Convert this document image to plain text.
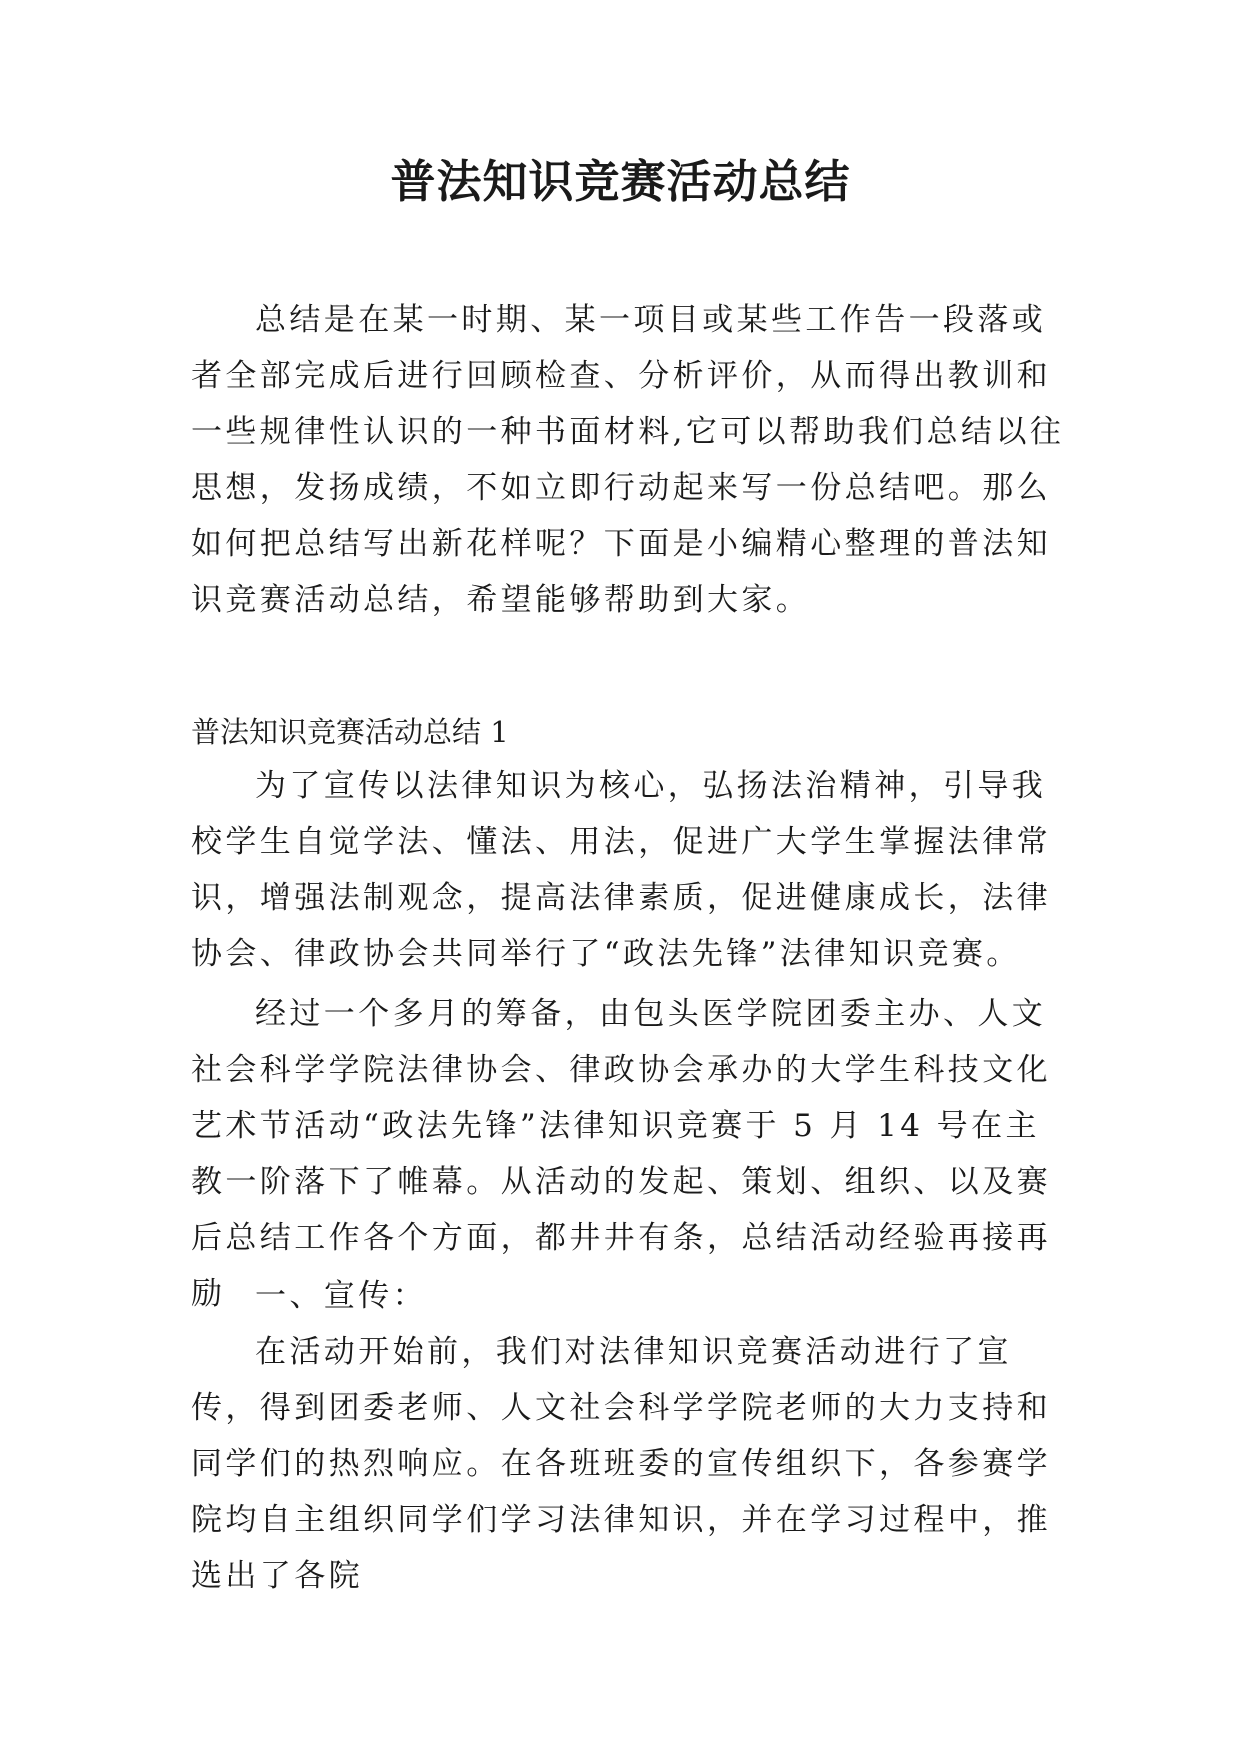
普法知识竞赛活动总结

总结是在某一时期、某一项目或某些工作告一段落或者全部完成后进行回顾检查、分析评价，从而得出教训和一些规律性认识的一种书面材料,它可以帮助我们总结以往思想，发扬成绩，不如立即行动起来写一份总结吧。那么如何把总结写出新花样呢？下面是小编精心整理的普法知识竞赛活动总结，希望能够帮助到大家。

普法知识竞赛活动总结 1

为了宣传以法律知识为核心，弘扬法治精神，引导我校学生自觉学法、懂法、用法，促进广大学生掌握法律常识，增强法制观念，提高法律素质，促进健康成长，法律协会、律政协会共同举行了“政法先锋”法律知识竞赛。

经过一个多月的筹备，由包头医学院团委主办、人文社会科学学院法律协会、律政协会承办的大学生科技文化艺术节活动“政法先锋”法律知识竞赛于 5 月 14 号在主教一阶落下了帷幕。从活动的发起、策划、组织、以及赛后总结工作各个方面，都井井有条，总结活动经验再接再励 一、宣传：

在活动开始前，我们对法律知识竞赛活动进行了宣传，得到团委老师、人文社会科学学院老师的大力支持和同学们的热烈响应。在各班班委的宣传组织下，各参赛学院均自主组织同学们学习法律知识，并在学习过程中，推选出了各院
